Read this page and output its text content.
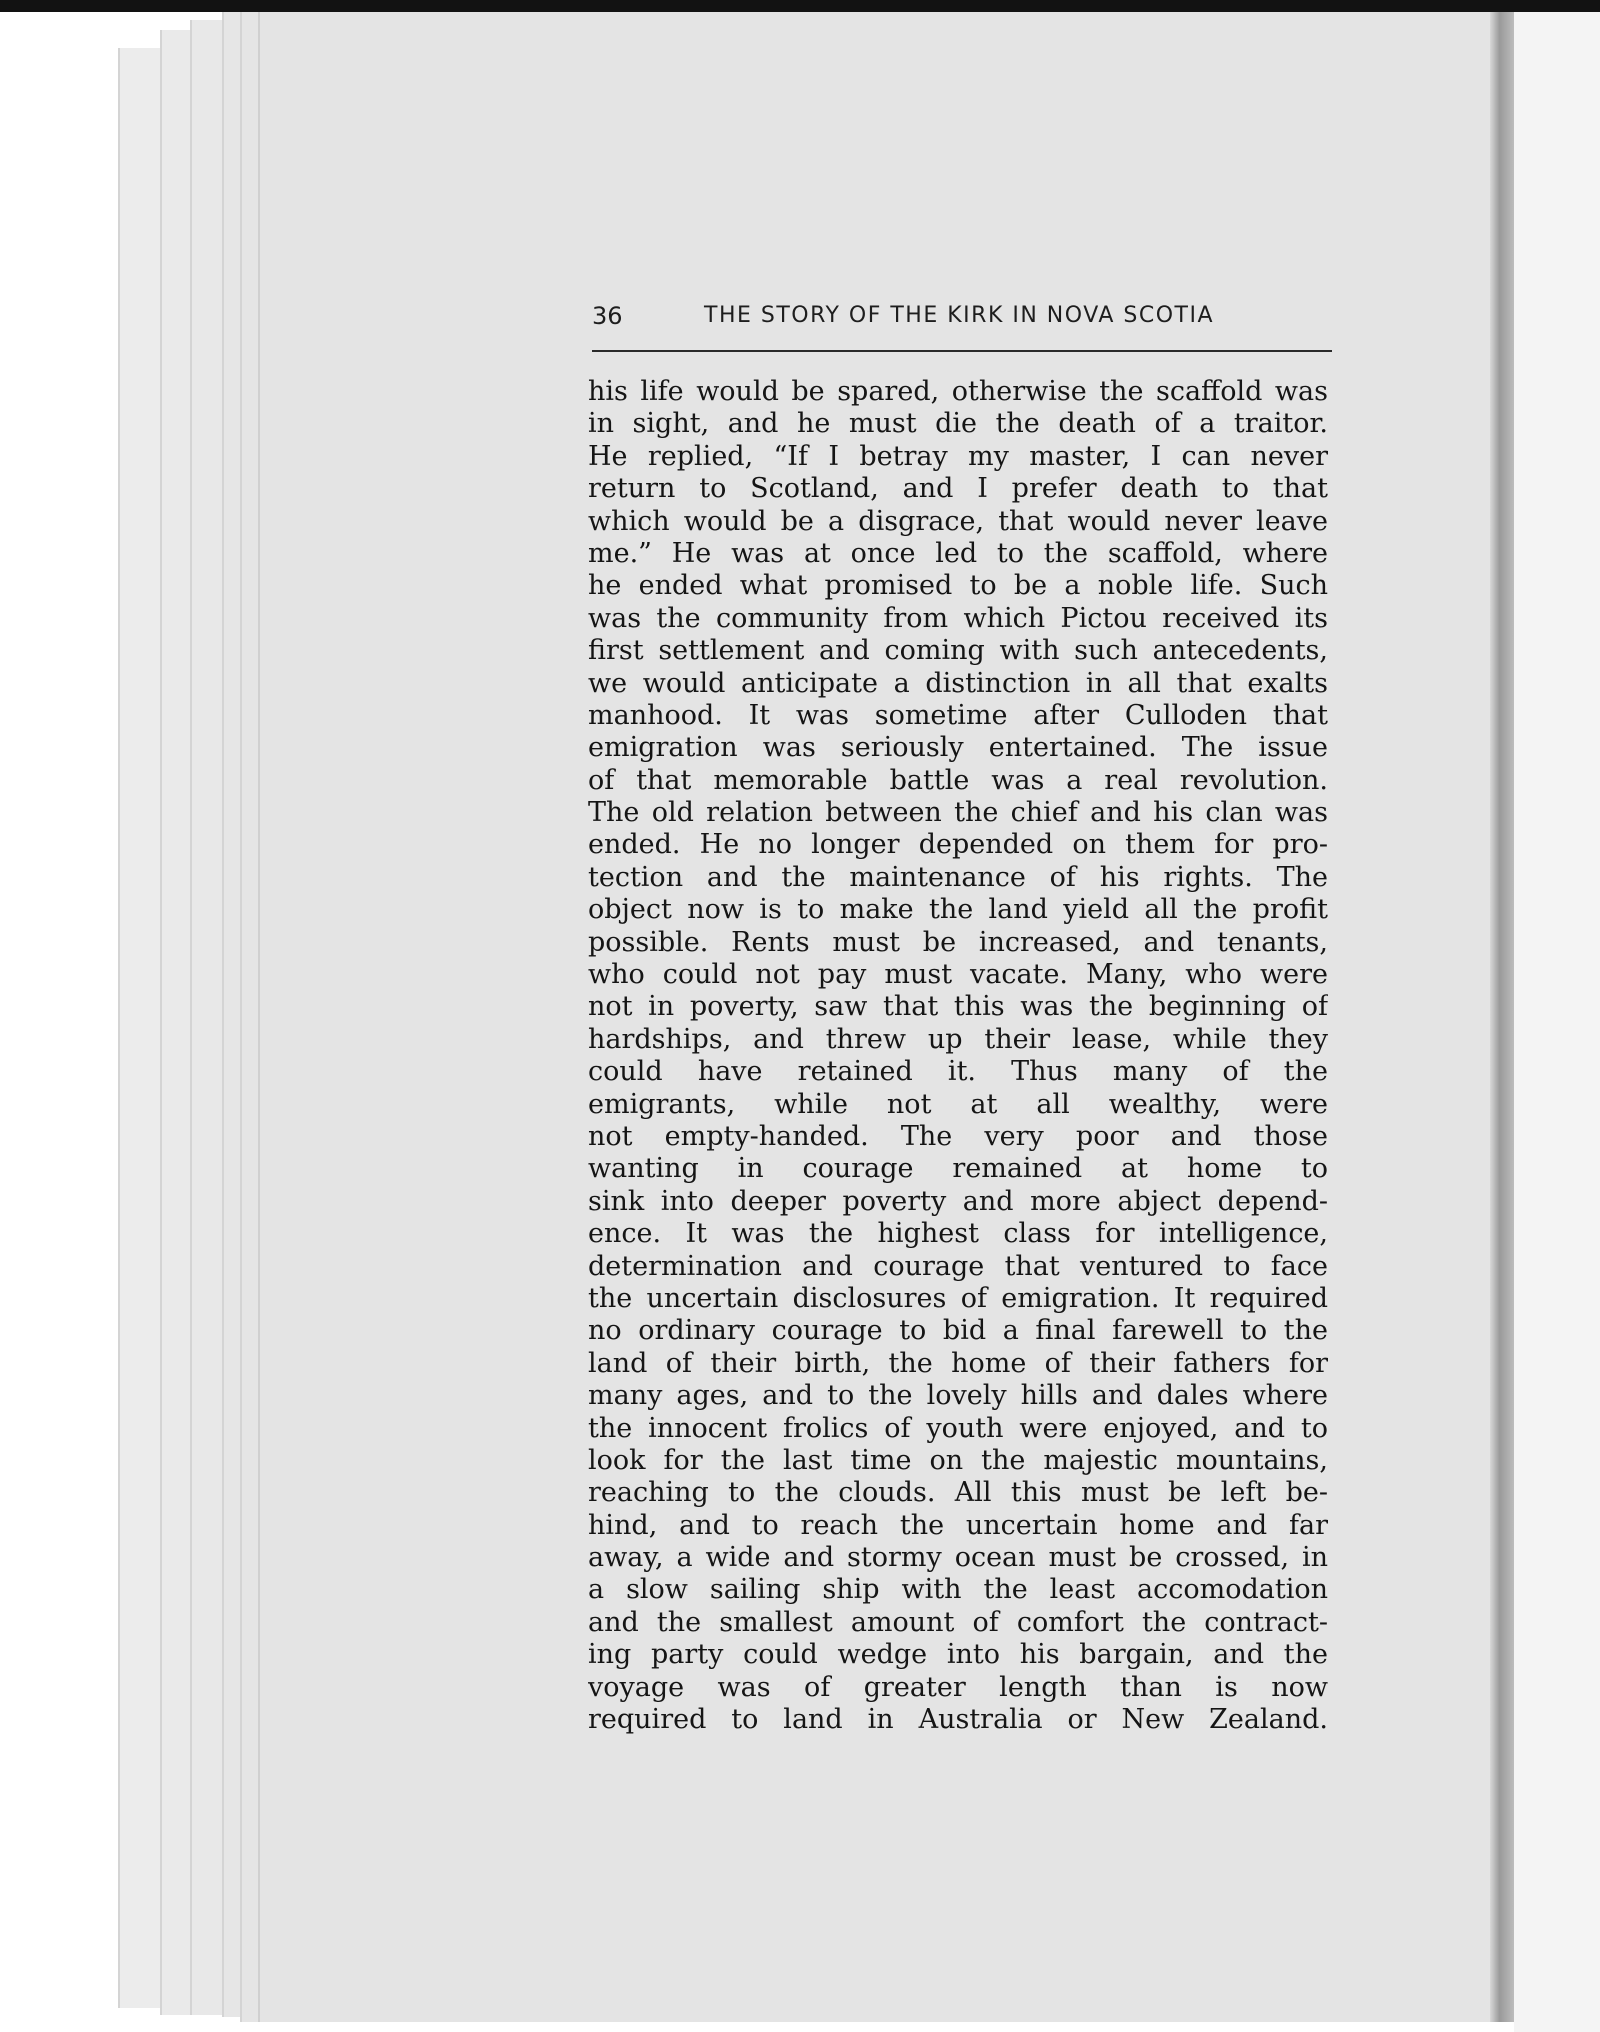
36	THE STORY OF THE KIRK IN NOVA SCOTIA
his life would be spared, otherwise the scaffold was
in sight, and he must die the death of a traitor.
He replied, “If I betray my master, I can never
return to Scotland, and I prefer death to that
which would be a disgrace, that would never leave
me.” He was at once led to the scaffold, where
he ended what promised to be a noble life. Such
was the community from which Pictou received its
first settlement and coming with such antecedents,
we would anticipate a distinction in all that exalts
manhood. It was sometime after Culloden that
emigration was seriously entertained. The issue
of that memorable battle was a real revolution.
The old relation between the chief and his clan was
ended. He no longer depended on them for pro-
tection and the maintenance of his rights. The
object now is to make the land yield all the profit
possible. Rents must be increased, and tenants,
who could not pay must vacate. Many, who were
not in poverty, saw that this was the beginning of
hardships, and threw up their lease, while they
could have retained it. Thus many of the
emigrants, while not at all wealthy, were
not empty-handed. The very poor and those
wanting in courage remained at home to
sink into deeper poverty and more abject depend-
ence. It was the highest class for intelligence,
determination and courage that ventured to face
the uncertain disclosures of emigration. It required
no ordinary courage to bid a final farewell to the
land of their birth, the home of their fathers for
many ages, and to the lovely hills and dales where
the innocent frolics of youth were enjoyed, and to
look for the last time on the majestic mountains,
reaching to the clouds. All this must be left be-
hind, and to reach the uncertain home and far
away, a wide and stormy ocean must be crossed, in
a slow sailing ship with the least accomodation
and the smallest amount of comfort the contract-
ing party could wedge into his bargain, and the
voyage was of greater length than is now
required to land in Australia or New Zealand.
